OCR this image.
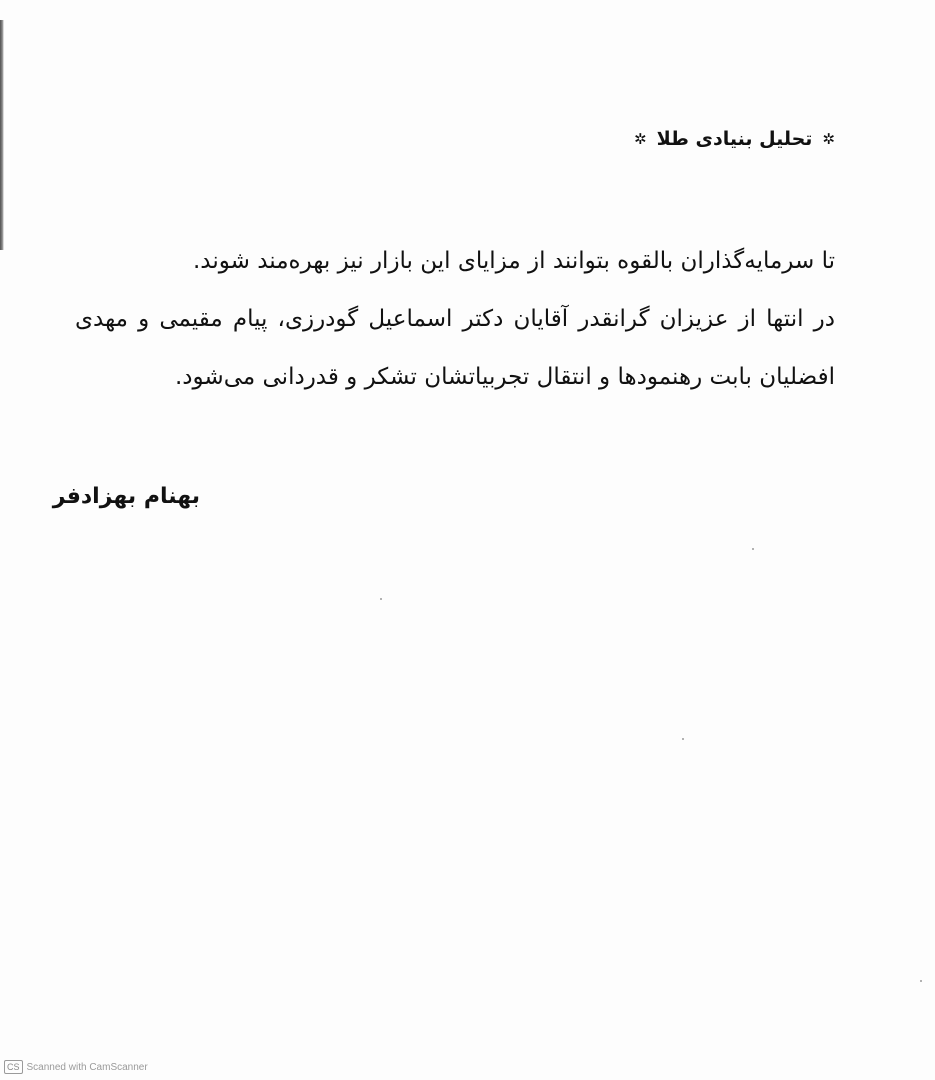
✲
تحلیل بنیادی طلا
✲

تا سرمایه‌گذاران بالقوه بتوانند از مزایای این بازار نیز بهره‌مند شوند.

در انتها از عزیزان گرانقدر آقایان دکتر اسماعیل گودرزی، پیام مقیمی و مهدی افضلیان بابت رهنمودها و انتقال تجربیاتشان تشکر و قدردانی می‌شود.

بهنام بهزادفر
CS Scanned with CamScanner
